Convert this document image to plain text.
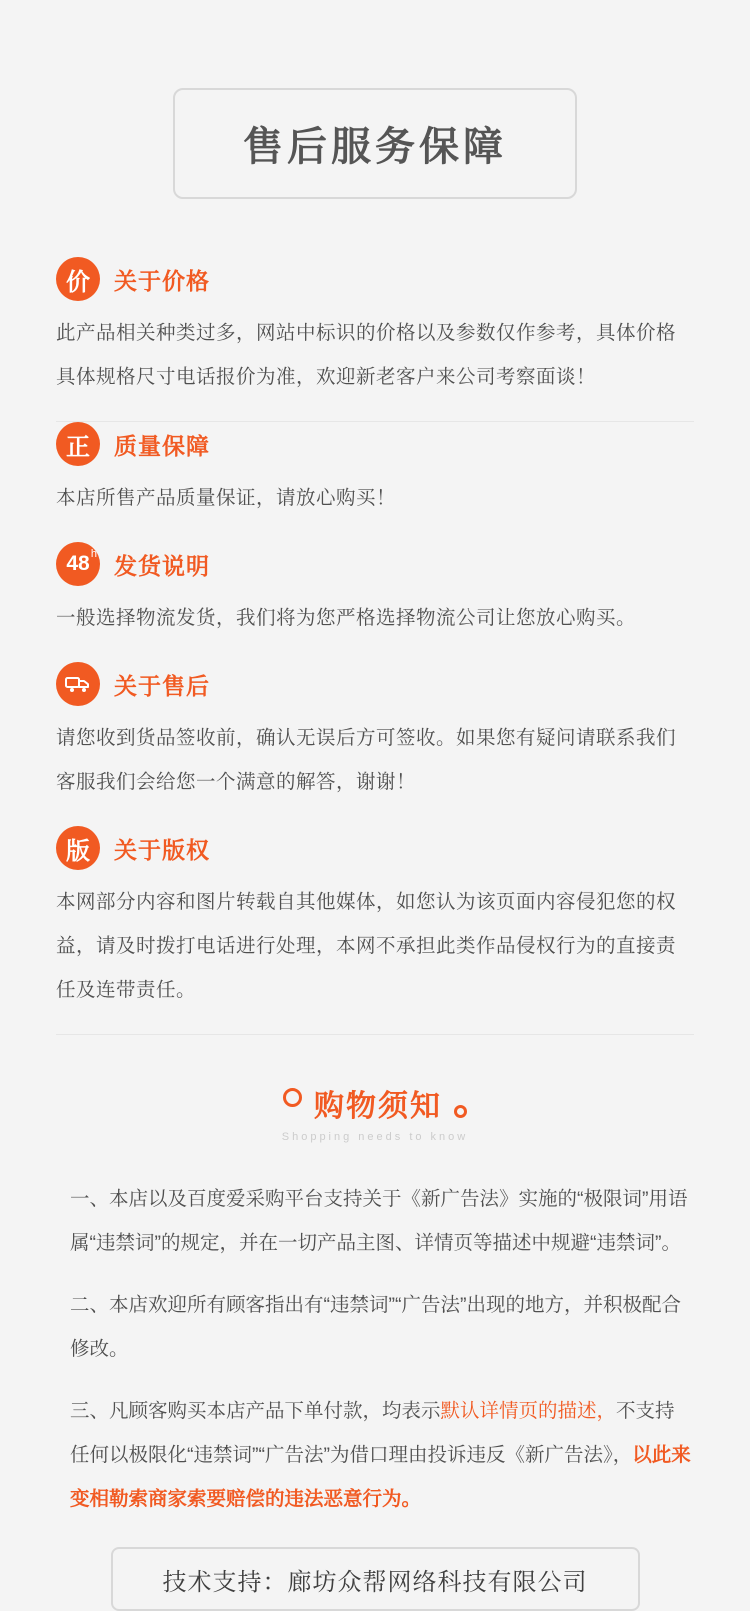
售后服务保障
价 关于价格

此产品相关种类过多，网站中标识的价格以及参数仅作参考，具体价格具体规格尺寸电话报价为准，欢迎新老客户来公司考察面谈！

正 质量保障

本店所售产品质量保证，请放心购买！

48 h 发货说明

一般选择物流发货，我们将为您严格选择物流公司让您放心购买。

关于售后

请您收到货品签收前，确认无误后方可签收。如果您有疑问请联系我们客服我们会给您一个满意的解答，谢谢！

版 关于版权

本网部分内容和图片转载自其他媒体，如您认为该页面内容侵犯您的权益，请及时拨打电话进行处理，本网不承担此类作品侵权行为的直接责任及连带责任。

购物须知
Shopping needs to know

一、本店以及百度爱采购平台支持关于《新广告法》实施的“极限词”用语属“违禁词”的规定，并在一切产品主图、详情页等描述中规避“违禁词”。

二、本店欢迎所有顾客指出有“违禁词”“广告法”出现的地方，并积极配合修改。

三、凡顾客购买本店产品下单付款，均表示默认详情页的描述，不支持任何以极限化“违禁词”“广告法”为借口理由投诉违反《新广告法》，以此来变相勒索商家索要赔偿的违法恶意行为。

技术支持：廊坊众帮网络科技有限公司
